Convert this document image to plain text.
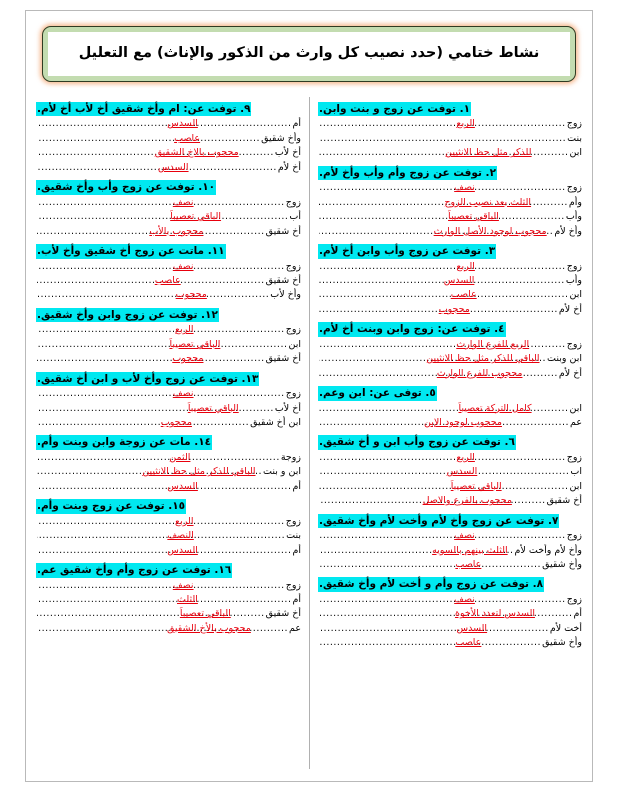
نشاط ختامي (حدد نصيب كل وارث من الذكور والإناث) مع التعليل
١. توفت عن زوج و بنت وابن.
زوج
..... الربع
بنت
.....
ابن
..... للذكر مثل حظ الانثيين
٢. توفت عن زوج وأم وأب وأخ لأم.
زوج
..... نصف
وأم
..... الثلث بعد نصيب الزوج
وأب
..... الباقي تعصيباً
وأخ لأم
..... محجوب لوجود الأصل الوارث
٣. توفت عن زوج وأب وابن أخ لأم.
زوج
..... الربع
وأب
..... السدس
ابن
..... عاصب
أخ لأم
..... محجوب
٤. توفت عن: زوج وابن وبنت أخ لأم.
زوج
..... الربع للفرع الوارث
ابن وبنت
..... الباقي للذكر مثل حظ الانثيين
أخ لأم
..... محجوب للفرع الوارث
٥. توفى عن: ابن وعم.
ابن
..... كامل التركة تعصيباً
عم
..... محجوب لوجود الإبن
٦. توفت عن زوج وأب ابن و أخ شقيق.
زوج
..... الربع
اب
..... السدس
ابن
..... الباقي تعصيباً
أخ شقيق
..... محجوب بالفرع والاصل
٧. توفت عن زوج وأخ لأم وأخت لأم وأخ شقيق.
زوج
..... نصف
وأخ لأم وأخت لأم
..... الثلث بينهم بالسويه
وأخ شقيق
..... عاصب
٨. توفت عن زوج وأم و أخت لأم وأخ شقيق.
زوج
..... نصف
أم
..... السدس لتعدد الأخوة
أخت لأم
..... السدس
وأخ شقيق
..... عاصب
٩. توفت عن: ام وأخ شقيق أخ لأب أخ لأم.
أم
..... السدس
وأخ شقيق
..... عاصب
أخ لأب
..... محجوب بالاخ الشقيق
أخ لأم
..... السدس
١٠. توفت عن زوج وأب وأخ شقيق.
زوج
..... نصف
أب
..... الباقي تعصيباً
أخ شقيق
..... محجوب بالأب
١١. ماتت عن زوج أخ شقيق وأخ لأب.
زوج
..... نصف
أخ شقيق
..... عاصب
وأخ لأب
..... محجوب
١٢. توفت عن زوج وابن وأخ شقيق.
زوج
..... الربع
ابن
..... الباقي تعصيباً
أخ شقيق
..... محجوب
١٣. توفت عن زوج وأخ لأب و ابن أخ شقيق.
زوج
..... نصف
أخ لأب
..... الباقي تعصيباً
ابن أخ شقيق
..... محجوب
١٤. مات عن زوجة وابن وبنت وأم.
زوجة
..... الثمن
ابن و بنت
..... الباقي للذكر مثل حظ الانثيين
أم
..... السدس
١٥. توفت عن زوج وبنت وأم.
زوج
..... الربع
بنت
..... النصف
أم
..... السدس
١٦. توفت عن زوج وأم وأخ شقيق عم.
زوج
..... نصف
أم
..... الثلث
أخ شقيق
..... الباقي تعصيباً
عم
..... محجوب بالأخ الشقيق
